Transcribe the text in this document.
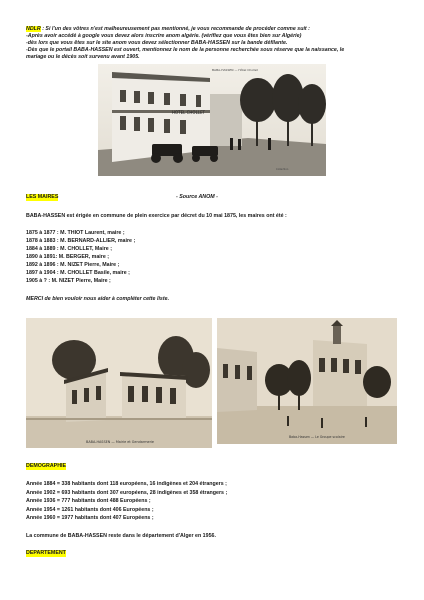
NDLR : Si l'un des vôtres n'est malheureusement pas mentionné, je vous recommande de procéder comme suit :
-Après avoir accédé à google vous devez alors inscrire anom algérie. (vérifiez que vous êtes bien sur Algérie)
-dès lors que vous êtes sur le site anom vous devez sélectionner BABA-HASSEN sur la bande défilante.
-Dès que le portail BABA-HASSEN est ouvert, mentionnez le nom de la personne recherchée sous réserve que la naissance, le
mariage ou le décès soit survenu avant 1905.
HOTEL CHOLLET
BABA-HASSEN — Hôtel Chollet
Collection
LES MAIRES	- Source ANOM -
BABA-HASSEN est érigée en commune de plein exercice par décret du 10 mai 1875, les maires ont été :
1875 à 1877 : M. THIOT Laurent, maire ;
1878 à 1883 : M. BERNARD-ALLIER, maire ;
1884 à 1889 : M. CHOLLET, Maire ;
1890 à 1891: M. BERGER, maire ;
1892 à 1896 : M. NIZET Pierre, Maire ;
1897 à 1904 : M. CHOLLET Basile, maire ;
1905 à ? : M. NIZET Pierre, Maire ;
MERCI de bien vouloir nous aider à compléter cette liste.
BABA-HASSEN — Mairie et Gendarmerie
Baba-Hassen — Le Groupe scolaire
DEMOGRAPHIE
Année 1884 = 338 habitants dont 118 européens, 16 indigènes et 204 étrangers ;
Année 1902 = 693 habitants dont 307 européens, 28 indigènes et 358 étrangers ;
Année 1936 = 777 habitants dont 488 Européens ;
Année 1954 = 1261 habitants dont 406 Européens ;
Année 1960 = 1977 habitants dont 407 Européens ;
La commune de BABA-HASSEN reste dans le département d'Alger en 1956.
DEPARTEMENT
